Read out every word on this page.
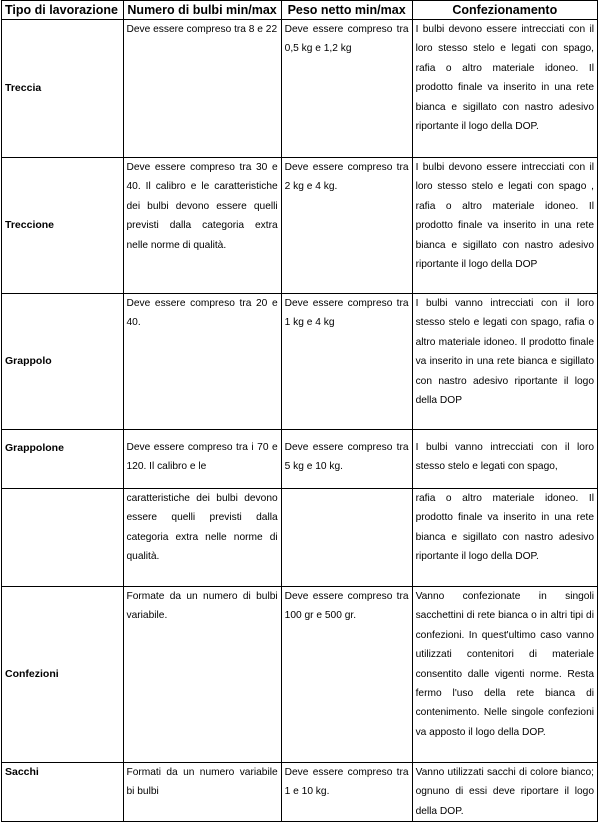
Tipo di lavorazione	Numero di bulbi min/max	Peso netto min/max	Confezionamento
Treccia	Deve essere compreso tra 8 e 22	Deve essere compreso tra 0,5 kg e 1,2 kg	I bulbi devono essere intrecciati con il loro stesso stelo e legati con spago, rafia o altro materiale idoneo. Il prodotto finale va inserito in una rete bianca e sigillato con nastro adesivo riportante il logo della DOP.
Treccione	Deve essere compreso tra 30 e 40. Il calibro e le caratteristiche dei bulbi devono essere quelli previsti dalla categoria extra nelle norme di qualità.	Deve essere compreso tra 2 kg e 4 kg.	I bulbi devono essere intrecciati con il loro stesso stelo e legati con spago , rafia o altro materiale idoneo. Il prodotto finale va inserito in una rete bianca e sigillato con nastro adesivo riportante il logo della DOP
Grappolo	Deve essere compreso tra 20 e 40.	Deve essere compreso tra 1 kg e 4 kg	I bulbi vanno intrecciati con il loro stesso stelo e legati con spago, rafia o altro materiale idoneo. Il prodotto finale va inserito in una rete bianca e sigillato con nastro adesivo riportante il logo della DOP
Grappolone	Deve essere compreso tra i 70 e 120. Il calibro e le	Deve essere compreso tra 5 kg e 10 kg.	I bulbi vanno intrecciati con il loro stesso stelo e legati con spago,
	caratteristiche dei bulbi devono essere quelli previsti dalla categoria extra nelle norme di qualità.		rafia o altro materiale idoneo. Il prodotto finale va inserito in una rete bianca e sigillato con nastro adesivo riportante il logo della DOP.
Confezioni	Formate da un numero di bulbi variabile.	Deve essere compreso tra 100 gr e 500 gr.	Vanno confezionate in singoli sacchettini di rete bianca o in altri tipi di confezioni. In quest'ultimo caso vanno utilizzati contenitori di materiale consentito dalle vigenti norme. Resta fermo l'uso della rete bianca di contenimento. Nelle singole confezioni va apposto il logo della DOP.
Sacchi	Formati da un numero variabile bi bulbi	Deve essere compreso tra 1 e 10 kg.	Vanno utilizzati sacchi di colore bianco; ognuno di essi deve riportare il logo della DOP.
